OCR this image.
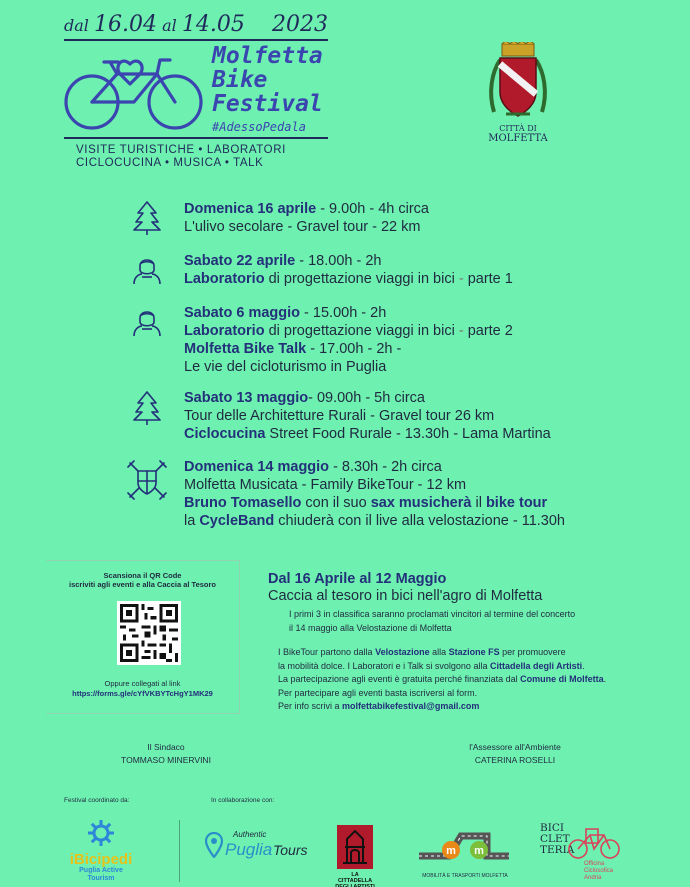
dal 16.04 al 14.05 2023
Molfetta
Bike
Festival
#AdessoPedala
VISITE TURISTICHE • LABORATORI
CICLOCUCINA • MUSICA • TALK
CITTÀ DI
MOLFETTA
Domenica 16 aprile - 9.00h - 4h circa
L'ulivo secolare - Gravel tour - 22 km
Sabato 22 aprile - 18.00h - 2h
Laboratorio di progettazione viaggi in bici - parte 1
Sabato 6 maggio - 15.00h - 2h
Laboratorio di progettazione viaggi in bici - parte 2
Molfetta Bike Talk - 17.00h - 2h -
Le vie del cicloturismo in Puglia
Sabato 13 maggio- 09.00h - 5h circa
Tour delle Architetture Rurali - Gravel tour 26 km
Ciclocucina Street Food Rurale - 13.30h - Lama Martina
Domenica 14 maggio - 8.30h - 2h circa
Molfetta Musicata - Family BikeTour - 12 km
Bruno Tomasello con il suo sax musicherà il bike tour
la CycleBand chiuderà con il live alla velostazione - 11.30h
Scansiona il QR Code
iscriviti agli eventi e alla Caccia al Tesoro
Oppure collegati al link
https://forms.gle/cYfVKBYTcHgY1MK29
Dal 16 Aprile al 12 Maggio
Caccia al tesoro in bici nell'agro di Molfetta
I primi 3 in classifica saranno proclamati vincitori al termine del concerto
il 14 maggio alla Velostazione di Molfetta
I BikeTour partono dalla Velostazione alla Stazione FS per promuovere
la mobilità dolce. I Laboratori e i Talk si svolgono alla Cittadella degli Artisti.
La partecipazione agli eventi è gratuita perché finanziata dal Comune di Molfetta.
Per partecipare agli eventi basta iscriversi al form.
Per info scrivi a molfettabikefestival@gmail.com
Il Sindaco
TOMMASO MINERVINI
l'Assessore all'Ambiente
CATERINA ROSELLI
Festival coordinato da:	In collaborazione con:
iBicipedi
Puglia Active
Tourism
Authentic
Puglia Tours
LA CITTADELLA
DEGLI ARTISTI
m m
MOBILITÀ E TRASPORTI MOLFETTA
BICI
CLET
TERIA
Officina
Ciclosofica
Andria
